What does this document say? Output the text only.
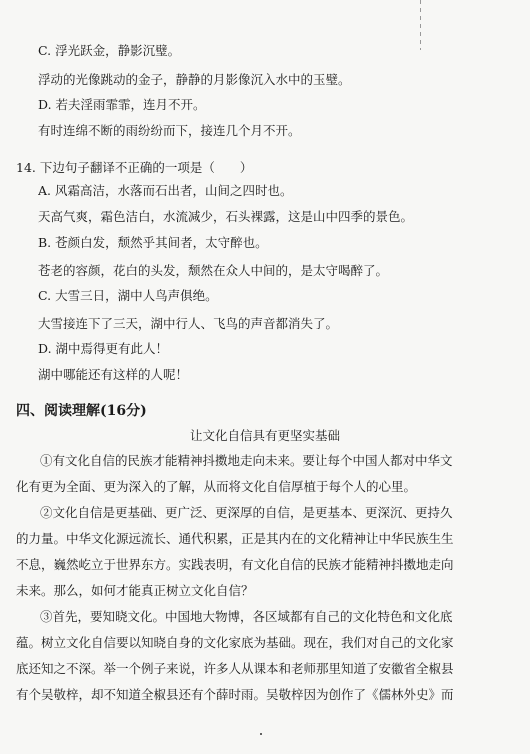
C. 浮光跃金，静影沉璧。
浮动的光像跳动的金子，静静的月影像沉入水中的玉璧。
D. 若夫淫雨霏霏，连月不开。
有时连绵不断的雨纷纷而下，接连几个月不开。
14. 下边句子翻译不正确的一项是（　　）
A. 风霜高洁，水落而石出者，山间之四时也。
天高气爽，霜色洁白，水流减少，石头裸露，这是山中四季的景色。
B. 苍颜白发，颓然乎其间者，太守醉也。
苍老的容颜，花白的头发，颓然在众人中间的，是太守喝醉了。
C. 大雪三日，湖中人鸟声俱绝。
大雪接连下了三天，湖中行人、飞鸟的声音都消失了。
D. 湖中焉得更有此人！
湖中哪能还有这样的人呢！
四、阅读理解(16分)
让文化自信具有更坚实基础
①有文化自信的民族才能精神抖擞地走向未来。要让每个中国人都对中华文
化有更为全面、更为深入的了解，从而将文化自信厚植于每个人的心里。
②文化自信是更基础、更广泛、更深厚的自信，是更基本、更深沉、更持久
的力量。中华文化源远流长、通代积累，正是其内在的文化精神让中华民族生生
不息，巍然屹立于世界东方。实践表明，有文化自信的民族才能精神抖擞地走向
未来。那么，如何才能真正树立文化自信？
③首先，要知晓文化。中国地大物博，各区域都有自己的文化特色和文化底
蕴。树立文化自信要以知晓自身的文化家底为基础。现在，我们对自己的文化家
底还知之不深。举一个例子来说，许多人从课本和老师那里知道了安徽省全椒县
有个吴敬梓，却不知道全椒县还有个薛时雨。吴敬梓因为创作了《儒林外史》而
